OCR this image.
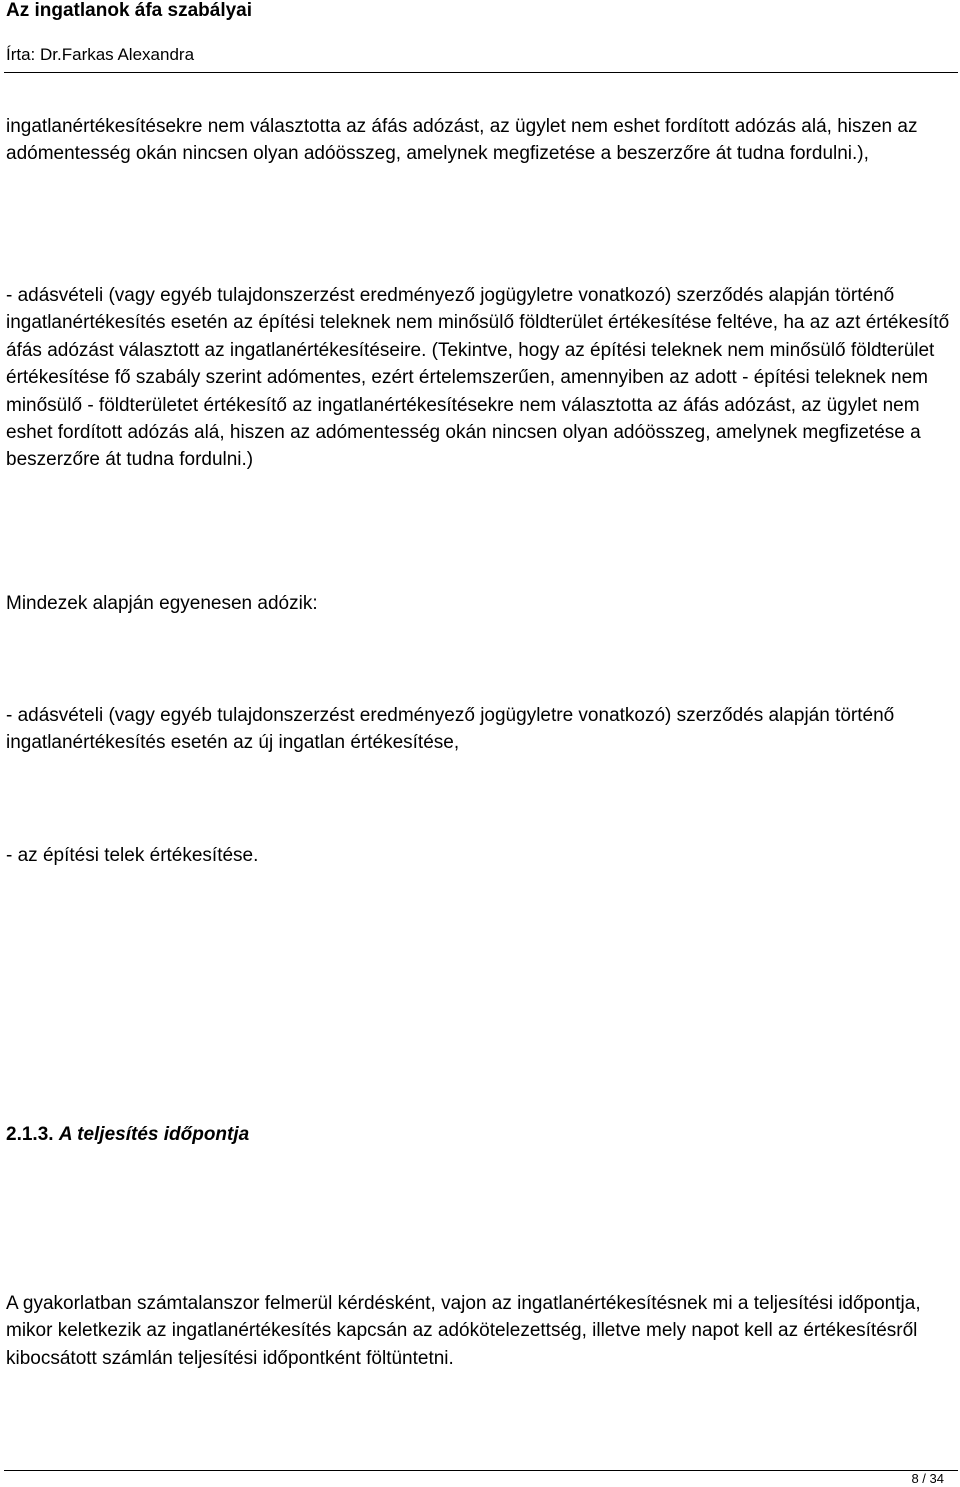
Az ingatlanok áfa szabályai
Írta: Dr.Farkas Alexandra

ingatlanértékesítésekre nem választotta az áfás adózást, az ügylet nem eshet fordított adózás alá, hiszen az adómentesség okán nincsen olyan adóösszeg, amelynek megfizetése a beszerzőre át tudna fordulni.),

- adásvételi (vagy egyéb tulajdonszerzést eredményező jogügyletre vonatkozó) szerződés alapján történő ingatlanértékesítés esetén az építési teleknek nem minősülő földterület értékesítése feltéve, ha az azt értékesítő áfás adózást választott az ingatlanértékesítéseire. (Tekintve, hogy az építési teleknek nem minősülő földterület értékesítése fő szabály szerint adómentes, ezért értelemszerűen, amennyiben az adott - építési teleknek nem minősülő - földterületet értékesítő az ingatlanértékesítésekre nem választotta az áfás adózást, az ügylet nem eshet fordított adózás alá, hiszen az adómentesség okán nincsen olyan adóösszeg, amelynek megfizetése a beszerzőre át tudna fordulni.)

Mindezek alapján egyenesen adózik:

- adásvételi (vagy egyéb tulajdonszerzést eredményező jogügyletre vonatkozó) szerződés alapján történő ingatlanértékesítés esetén az új ingatlan értékesítése,

- az építési telek értékesítése.

2.1.3. A teljesítés időpontja

A gyakorlatban számtalanszor felmerül kérdésként, vajon az ingatlanértékesítésnek mi a teljesítési időpontja, mikor keletkezik az ingatlanértékesítés kapcsán az adókötelezettség, illetve mely napot kell az értékesítésről kibocsátott számlán teljesítési időpontként föltüntetni.

8 / 34
